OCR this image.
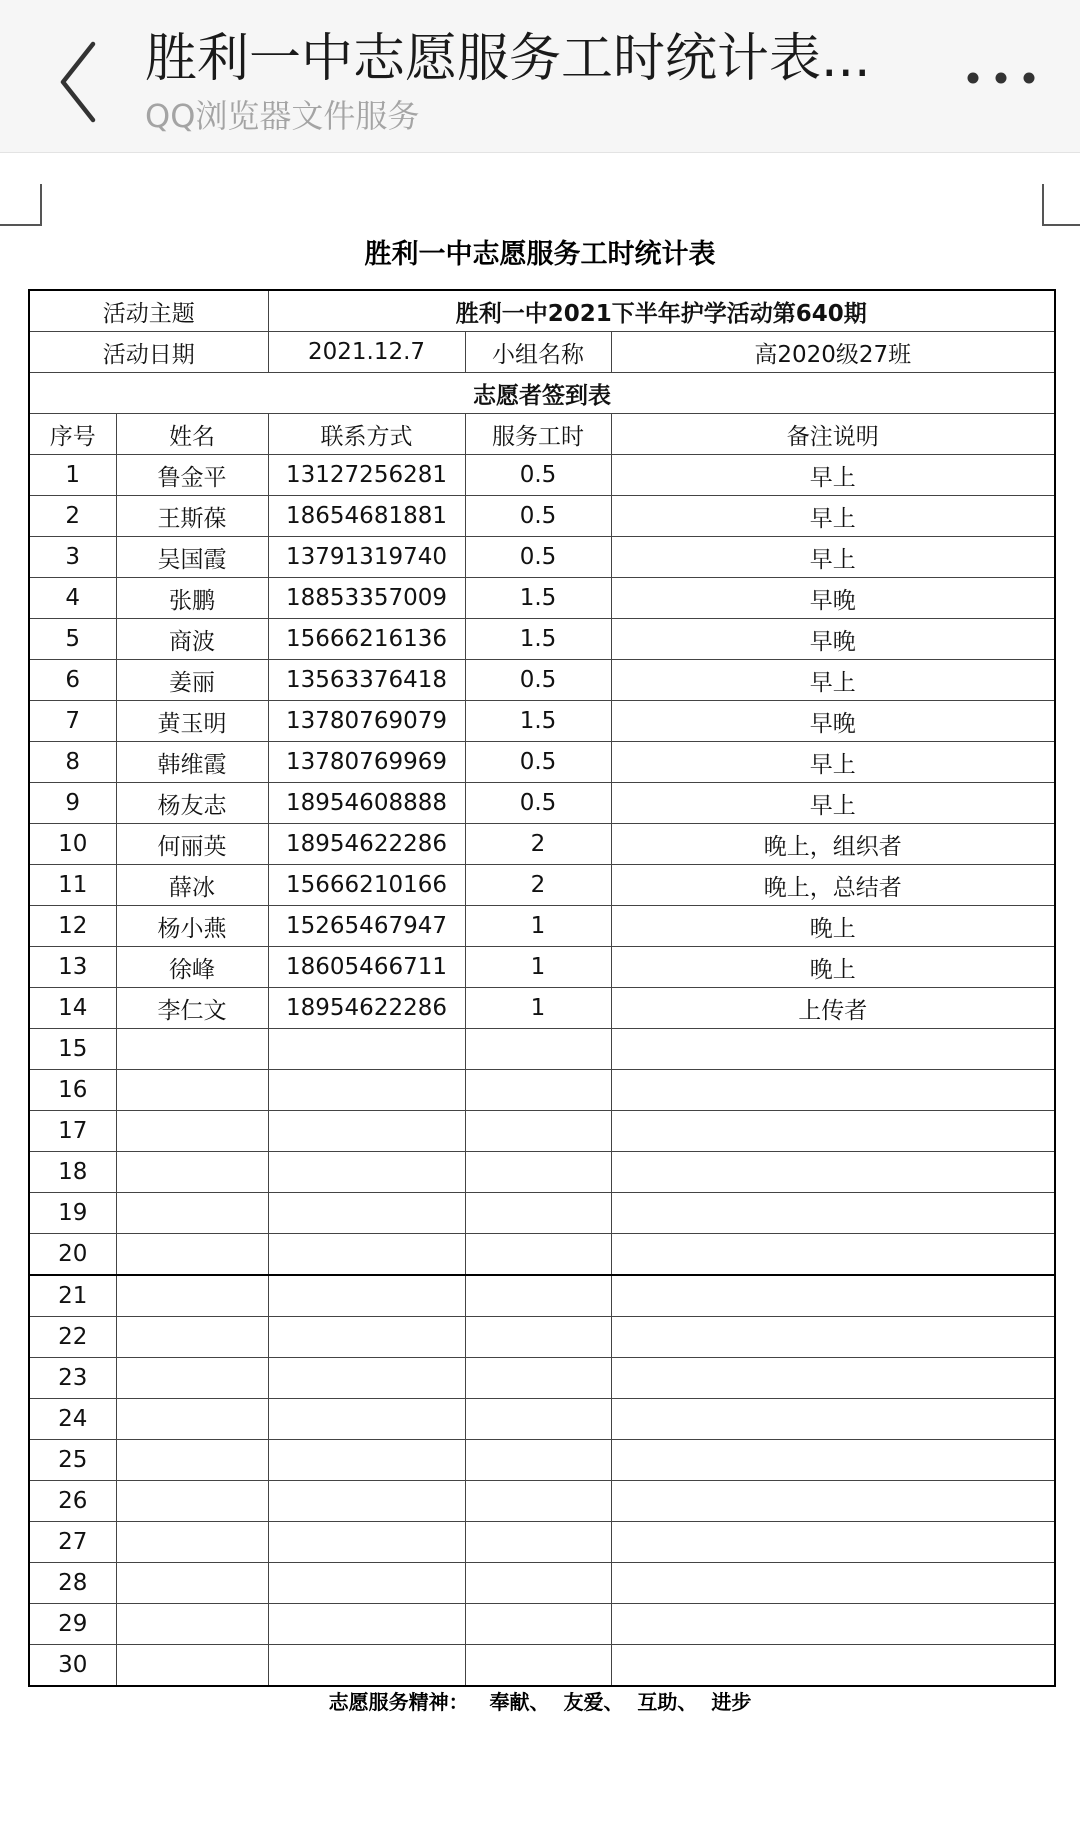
胜利一中志愿服务工时统计表...
QQ浏览器文件服务
胜利一中志愿服务工时统计表
活动主题		胜利一中2021下半年护学活动第640期		
活动日期		2021.12.7	小组名称	高2020级27班
志愿者签到表				
序号	姓名	联系方式	服务工时	备注说明
1	鲁金平	13127256281	0.5	早上
2	王斯葆	18654681881	0.5	早上
3	吴国霞	13791319740	0.5	早上
4	张鹏	18853357009	1.5	早晚
5	商波	15666216136	1.5	早晚
6	姜丽	13563376418	0.5	早上
7	黄玉明	13780769079	1.5	早晚
8	韩维霞	13780769969	0.5	早上
9	杨友志	18954608888	0.5	早上
10	何丽英	18954622286	2	晚上，组织者
11	薛冰	15666210166	2	晚上，总结者
12	杨小燕	15265467947	1	晚上
13	徐峰	18605466711	1	晚上
14	李仁文	18954622286	1	上传者
15				
16				
17				
18				
19				
20				
21				
22				
23				
24				
25				
26				
27				
28				
29				
30				
志愿服务精神：   奉献、  友爱、  互助、  进步
